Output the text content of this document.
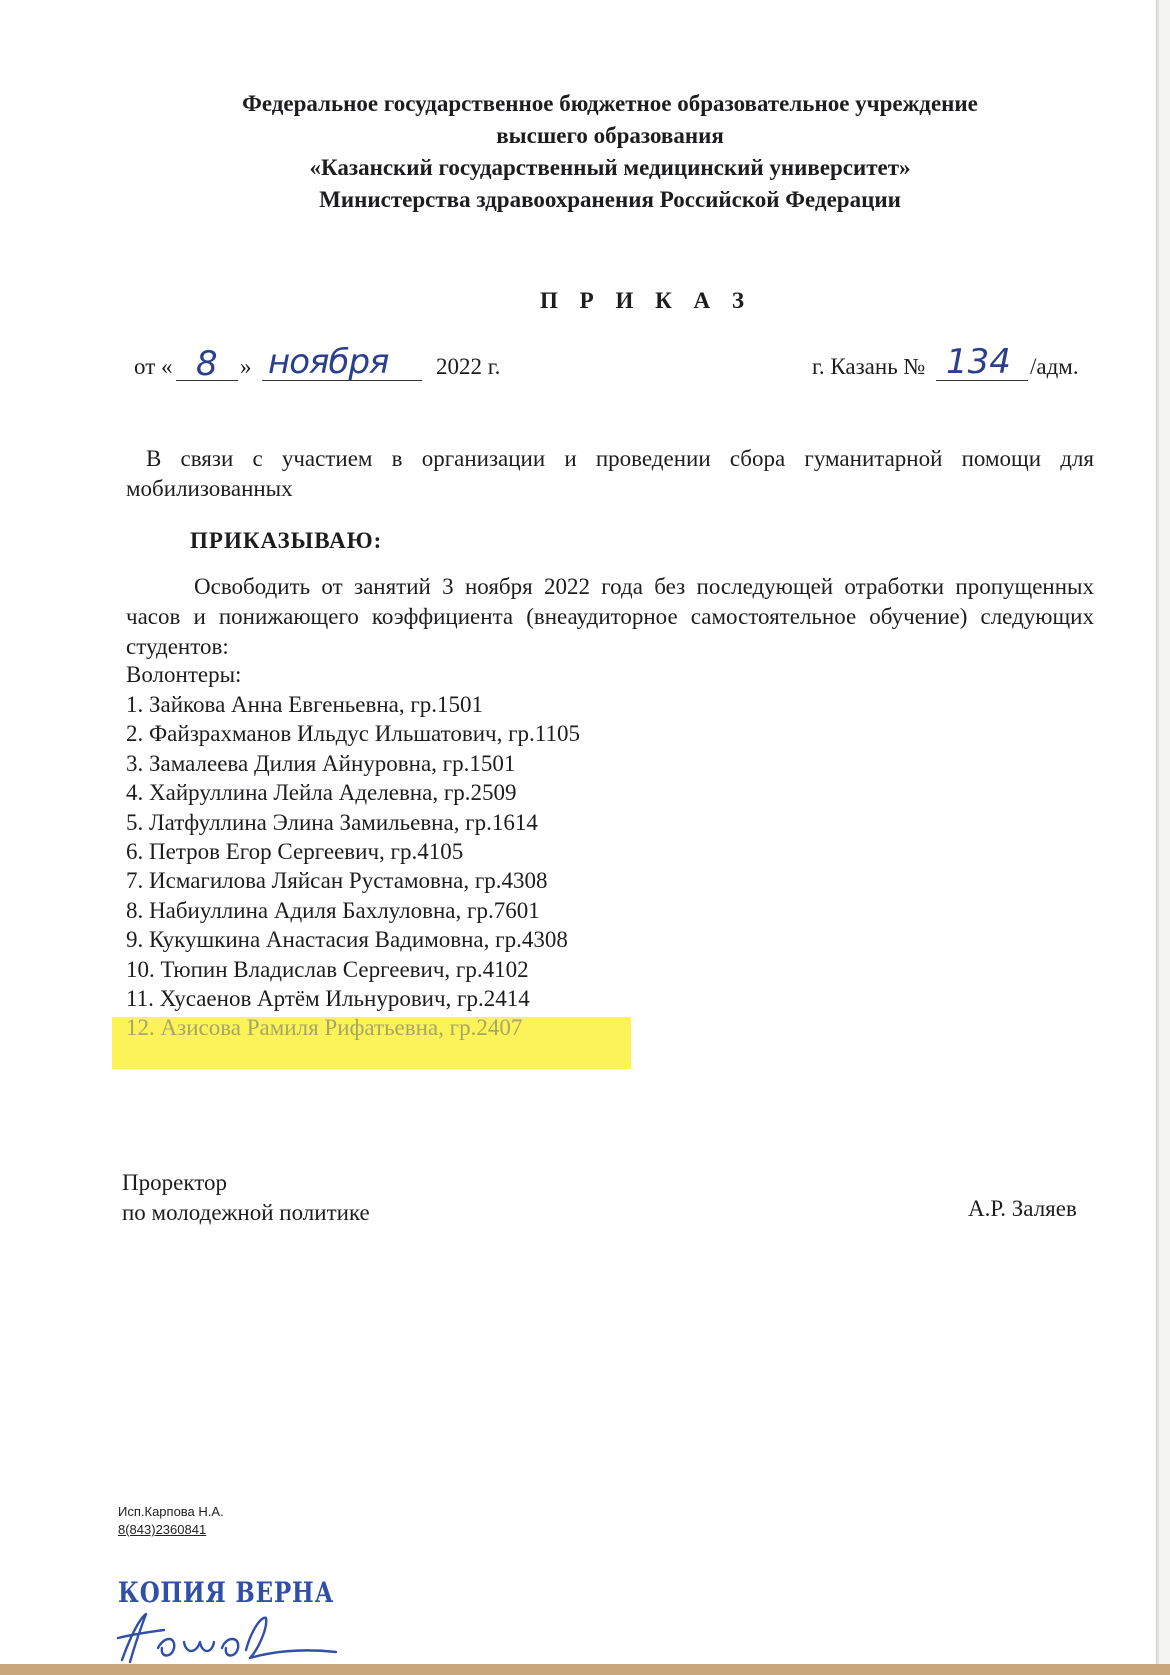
Федеральное государственное бюджетное образовательное учреждение
высшего образования
«Казанский государственный медицинский университет»
Министерства здравоохранения Российской Федерации
П Р И К А З
от « 8 » ноября 2022 г.	г. Казань № 134 /адм.
В связи с участием в организации и проведении сбора гуманитарной помощи для мобилизованных
ПРИКАЗЫВАЮ:
Освободить от занятий 3 ноября 2022 года без последующей отработки пропущенных часов и понижающего коэффициента (внеаудиторное самостоятельное обучение) следующих студентов:
Волонтеры:
1. Зайкова Анна Евгеньевна, гр.1501
2. Файзрахманов Ильдус Ильшатович, гр.1105
3. Замалеева Дилия Айнуровна, гр.1501
4. Хайруллина Лейла Аделевна, гр.2509
5. Латфуллина Элина Замильевна, гр.1614
6. Петров Егор Сергеевич, гр.4105
7. Исмагилова Ляйсан Рустамовна, гр.4308
8. Набиуллина Адиля Бахлуловна, гр.7601
9. Кукушкина Анастасия Вадимовна, гр.4308
10. Тюпин Владислав Сергеевич, гр.4102
11. Хусаенов Артём Ильнурович, гр.2414
12. Азисова Рамиля Рифатьевна, гр.2407
Проректор
по молодежной политике	А.Р. Заляев
Исп.Карпова Н.А.
8(843)2360841
КОПИЯ ВЕРНА
